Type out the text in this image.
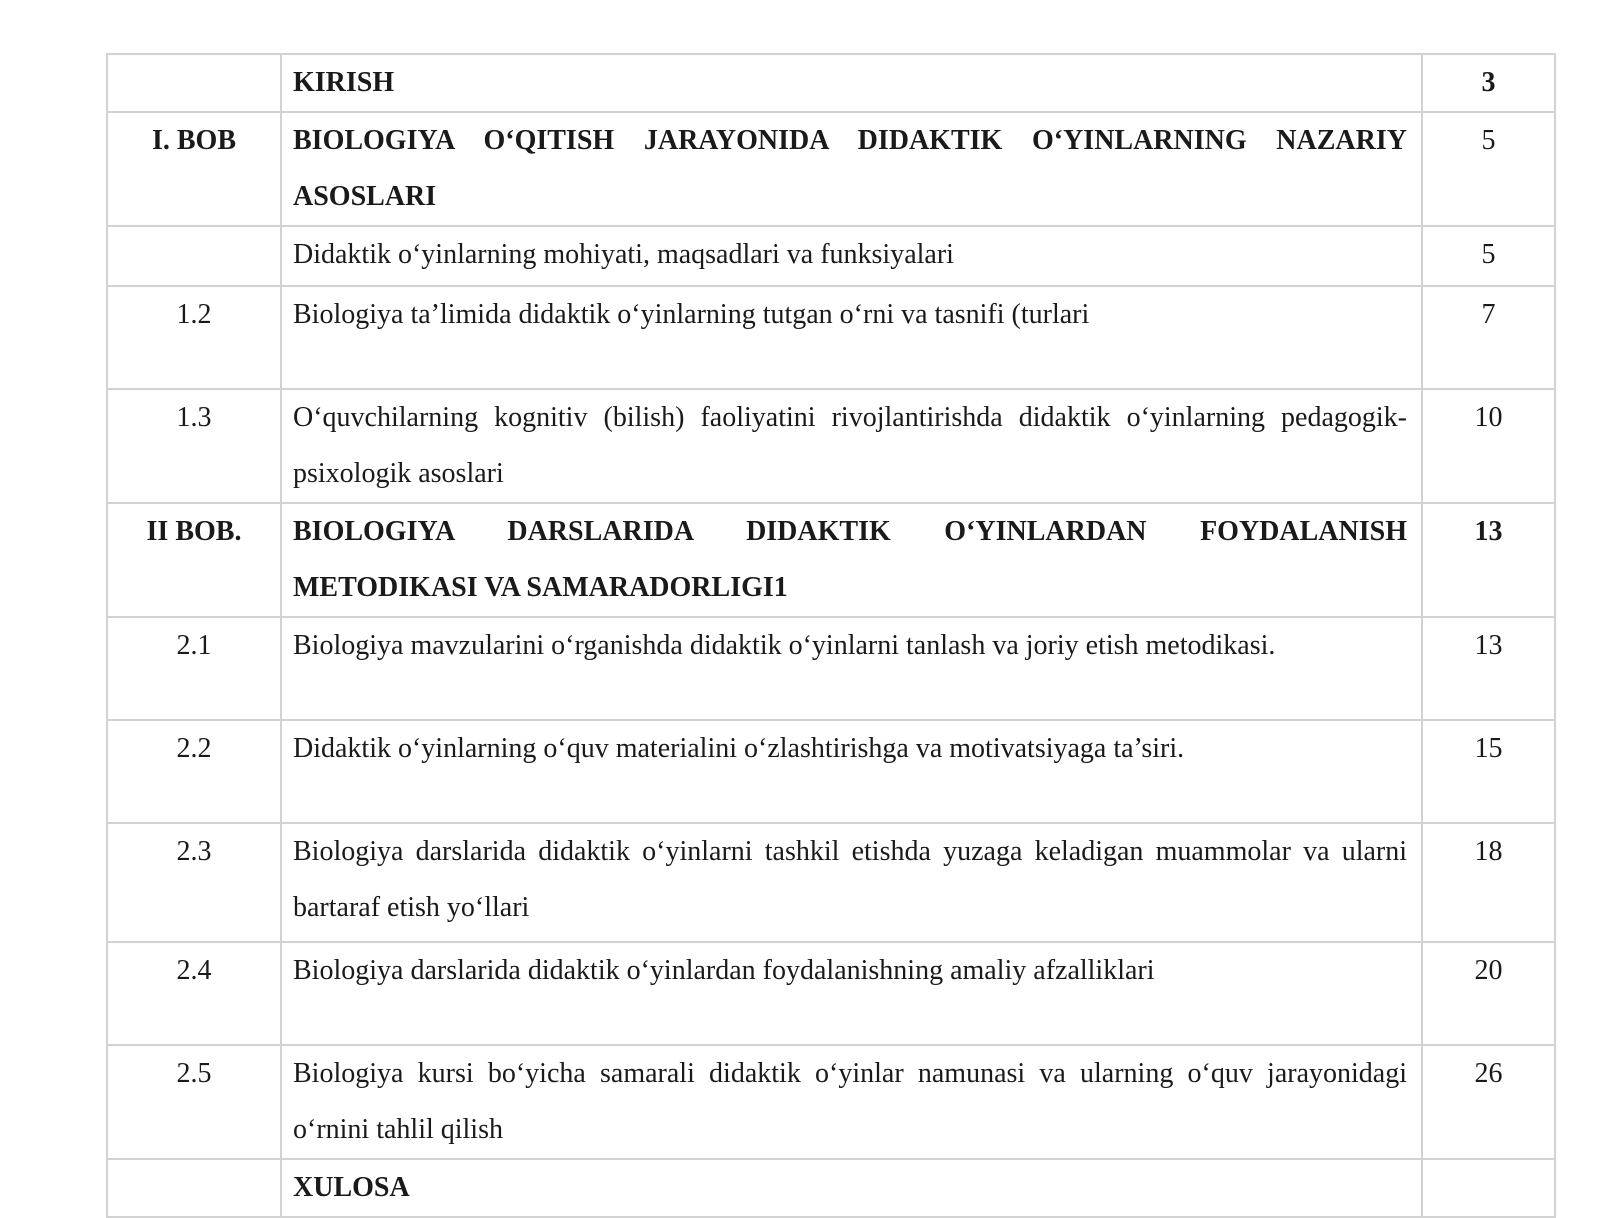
	KIRISH	3
I. BOB	BIOLOGIYA O‘QITISH JARAYONIDA DIDAKTIK O‘YINLARNING NAZARIY ASOSLARI	5
	Didaktik o‘yinlarning mohiyati, maqsadlari va funksiyalari	5
1.2	Biologiya ta’limida didaktik o‘yinlarning tutgan o‘rni va tasnifi (turlari	7
1.3	O‘quvchilarning kognitiv (bilish) faoliyatini rivojlantirishda didaktik o‘yinlarning pedagogik-psixologik asoslari	10
II BOB.	BIOLOGIYA DARSLARIDA DIDAKTIK O‘YINLARDAN FOYDALANISH METODIKASI VA SAMARADORLIGI1	13
2.1	Biologiya mavzularini o‘rganishda didaktik o‘yinlarni tanlash va joriy etish metodikasi.	13
2.2	Didaktik o‘yinlarning o‘quv materialini o‘zlashtirishga va motivatsiyaga ta’siri.	15
2.3	Biologiya darslarida didaktik o‘yinlarni tashkil etishda yuzaga keladigan muammolar va ularni bartaraf etish yo‘llari	18
2.4	Biologiya darslarida didaktik o‘yinlardan foydalanishning amaliy afzalliklari	20
2.5	Biologiya kursi bo‘yicha samarali didaktik o‘yinlar namunasi va ularning o‘quv jarayonidagi o‘rnini tahlil qilish	26
	XULOSA	
